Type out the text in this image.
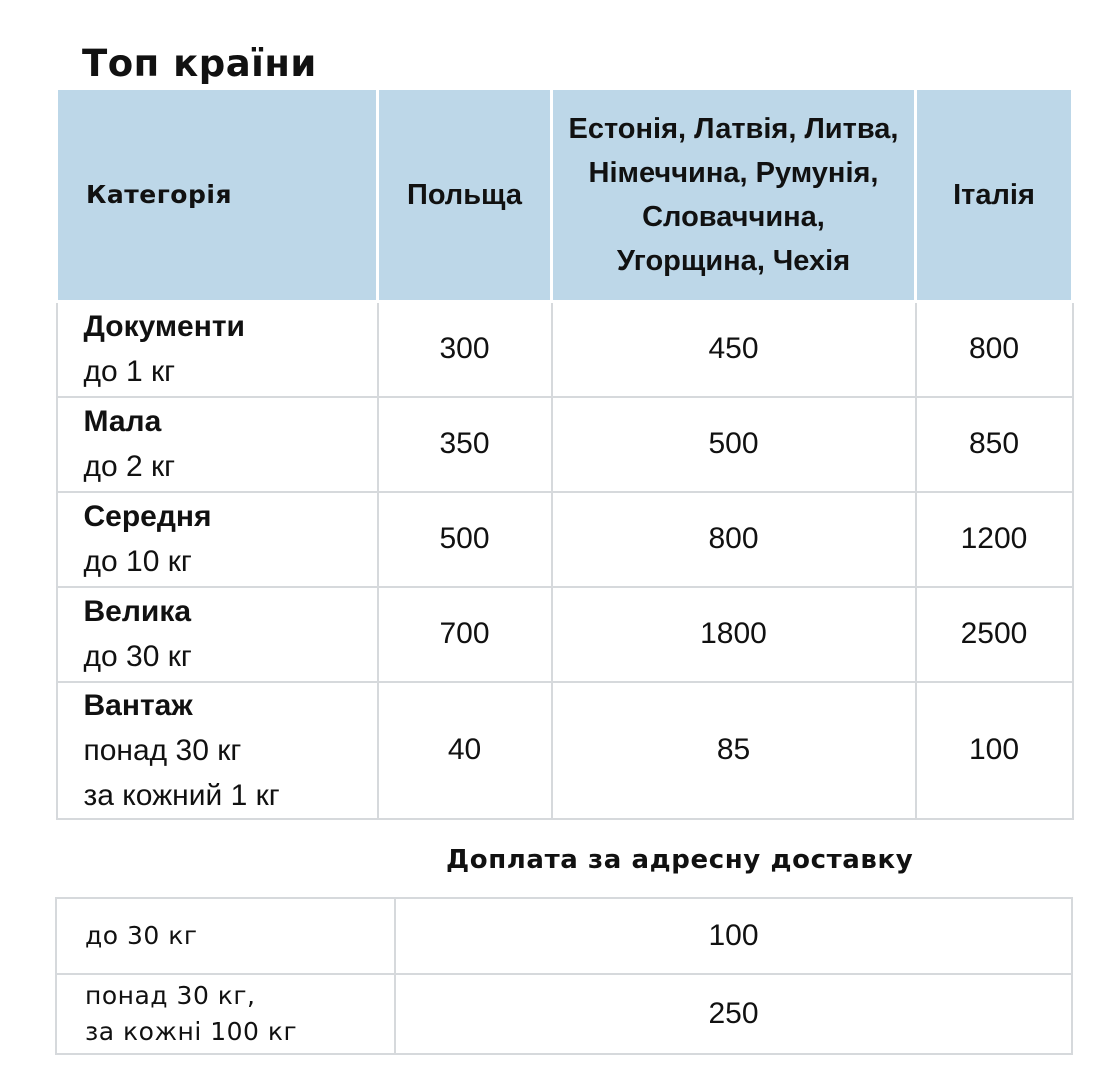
Топ країни
Категорія	Польща	Естонія, Латвія, Литва,
Німеччина, Румунія,
Словаччина,
Угорщина, Чехія	Італія

Документи
до 1 кг	300	450	800

Мала
до 2 кг	350	500	850

Середня
до 10 кг	500	800	1200

Велика
до 30 кг	700	1800	2500

Вантаж
понад 30 кг
за кожний 1 кг	40	85	100
Доплата за адресну доставку
до 30 кг	100

понад 30 кг,
за кожні 100 кг	250
